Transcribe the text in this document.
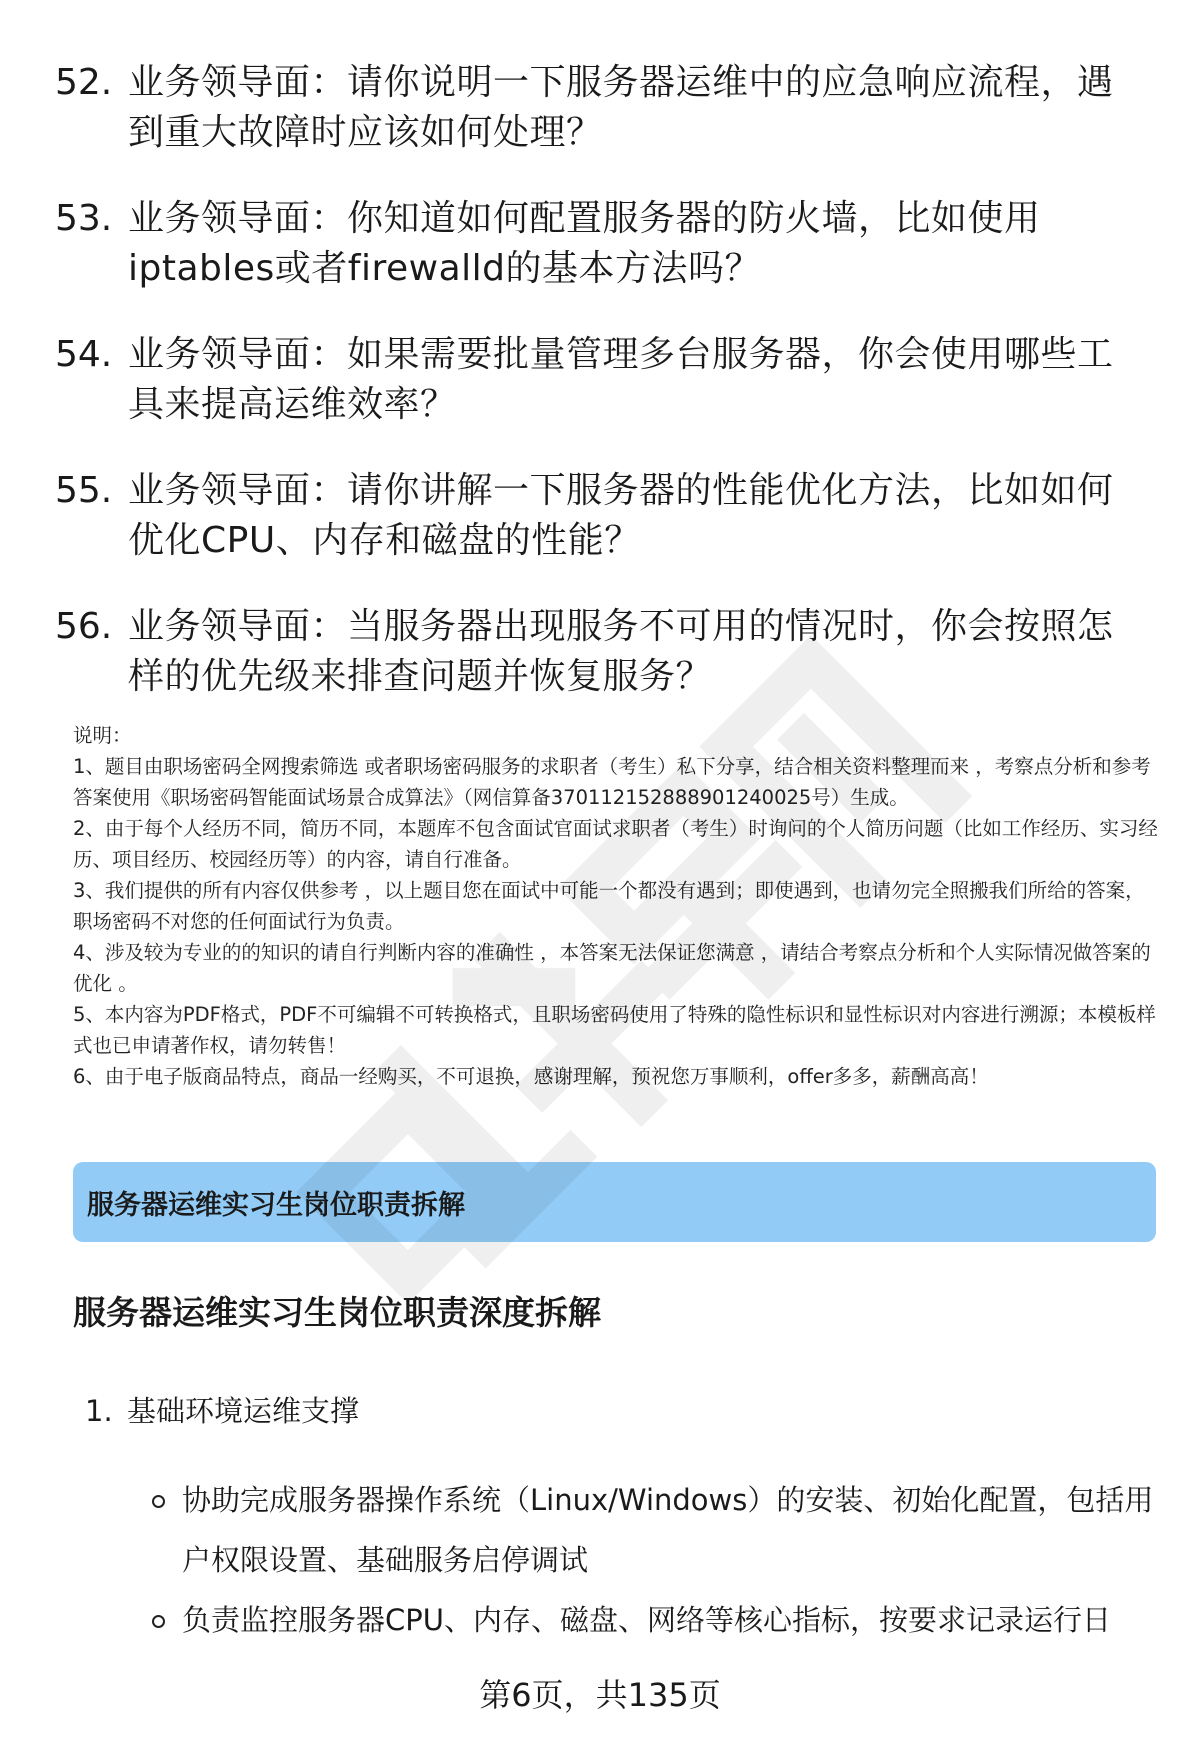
52. 业务领导面：请你说明一下服务器运维中的应急响应流程，遇到重大故障时应该如何处理？
53. 业务领导面：你知道如何配置服务器的防火墙，比如使用iptables或者firewalld的基本方法吗？
54. 业务领导面：如果需要批量管理多台服务器，你会使用哪些工具来提高运维效率？
55. 业务领导面：请你讲解一下服务器的性能优化方法，比如如何优化CPU、内存和磁盘的性能？
56. 业务领导面：当服务器出现服务不可用的情况时，你会按照怎样的优先级来排查问题并恢复服务？

说明：

1、题目由职场密码全网搜索筛选 或者职场密码服务的求职者（考生）私下分享，结合相关资料整理而来 ，考察点分析和参考答案使用《职场密码智能面试场景合成算法》（网信算备370112152888901240025号）生成。

2、由于每个人经历不同，简历不同，本题库不包含面试官面试求职者（考生）时询问的个人简历问题（比如工作经历、实习经历、项目经历、校园经历等）的内容，请自行准备。

3、我们提供的所有内容仅供参考 ，以上题目您在面试中可能一个都没有遇到；即使遇到，也请勿完全照搬我们所给的答案，职场密码不对您的任何面试行为负责。

4、涉及较为专业的的知识的请自行判断内容的准确性 ，本答案无法保证您满意 ，请结合考察点分析和个人实际情况做答案的优化 。

5、本内容为PDF格式，PDF不可编辑不可转换格式，且职场密码使用了特殊的隐性标识和显性标识对内容进行溯源；本模板样式也已申请著作权，请勿转售！

6、由于电子版商品特点，商品一经购买，不可退换，感谢理解，预祝您万事顺利，offer多多，薪酬高高！

服务器运维实习生岗位职责拆解
服务器运维实习生岗位职责深度拆解
1. 基础环境运维支撑
协助完成服务器操作系统（Linux/Windows）的安装、初始化配置，包括用户权限设置、基础服务启停调试
负责监控服务器CPU、内存、磁盘、网络等核心指标，按要求记录运行日
第6页，共135页
